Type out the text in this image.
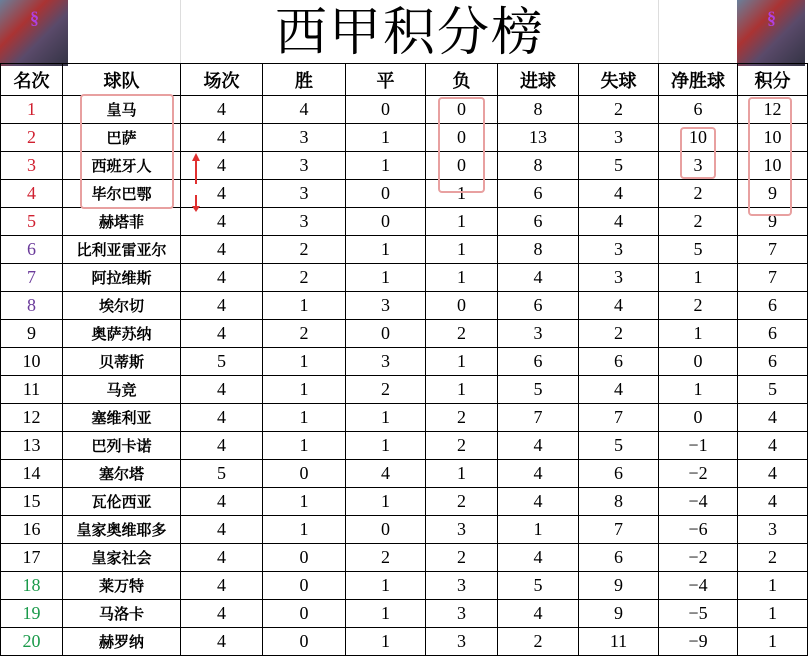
§	§
西甲积分榜
名次	球队	场次	胜	平	负	进球	失球	净胜球	积分
1	皇马	4	4	0	0	8	2	6	12
2	巴萨	4	3	1	0	13	3	10	10
3	西班牙人	4	3	1	0	8	5	3	10
4	毕尔巴鄂	4	3	0	1	6	4	2	9
5	赫塔菲	4	3	0	1	6	4	2	9
6	比利亚雷亚尔	4	2	1	1	8	3	5	7
7	阿拉维斯	4	2	1	1	4	3	1	7
8	埃尔切	4	1	3	0	6	4	2	6
9	奥萨苏纳	4	2	0	2	3	2	1	6
10	贝蒂斯	5	1	3	1	6	6	0	6
11	马竞	4	1	2	1	5	4	1	5
12	塞维利亚	4	1	1	2	7	7	0	4
13	巴列卡诺	4	1	1	2	4	5	−1	4
14	塞尔塔	5	0	4	1	4	6	−2	4
15	瓦伦西亚	4	1	1	2	4	8	−4	4
16	皇家奥维耶多	4	1	0	3	1	7	−6	3
17	皇家社会	4	0	2	2	4	6	−2	2
18	莱万特	4	0	1	3	5	9	−4	1
19	马洛卡	4	0	1	3	4	9	−5	1
20	赫罗纳	4	0	1	3	2	11	−9	1
